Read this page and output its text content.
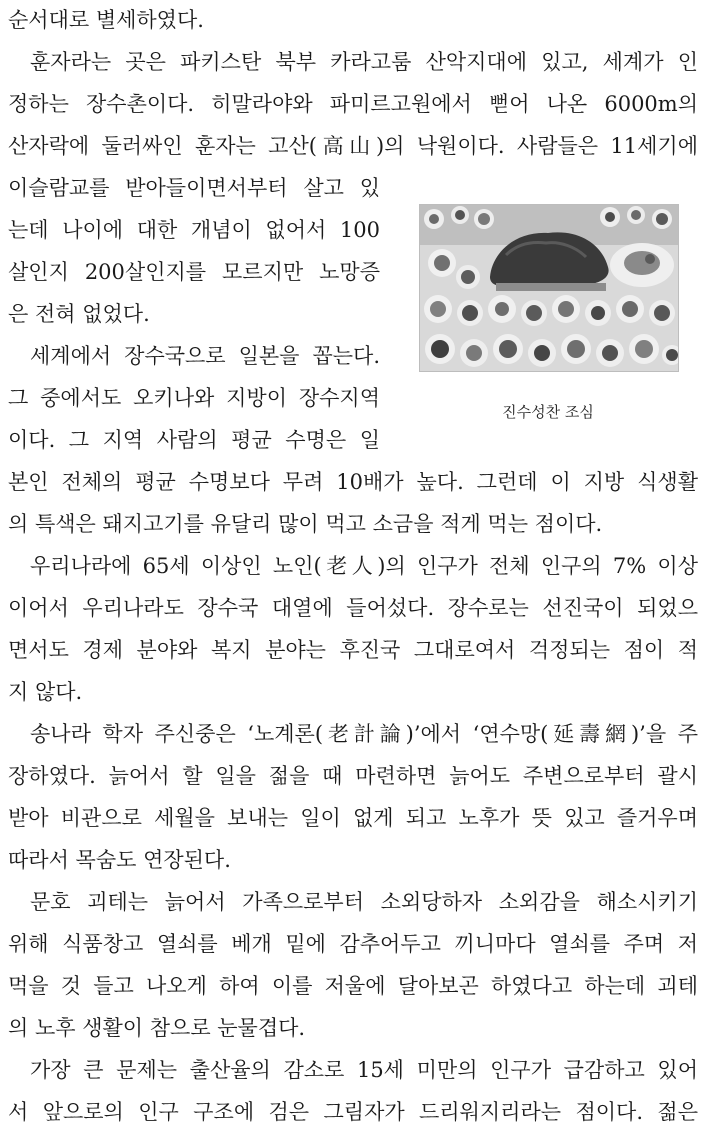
순서대로 별세하였다.
훈자라는 곳은 파키스탄 북부 카라고룸 산악지대에 있고, 세계가 인
정하는 장수촌이다. 히말라야와 파미르고원에서 뻗어 나온 6000m의
산자락에 둘러싸인 훈자는 고산(高山)의 낙원이다. 사람들은 11세기에
이슬람교를 받아들이면서부터 살고 있
는데 나이에 대한 개념이 없어서 100
살인지 200살인지를 모르지만 노망증
은 전혀 없었다.
세계에서 장수국으로 일본을 꼽는다.
그 중에서도 오키나와 지방이 장수지역
이다. 그 지역 사람의 평균 수명은 일
본인 전체의 평균 수명보다 무려 10배가 높다. 그런데 이 지방 식생활
의 특색은 돼지고기를 유달리 많이 먹고 소금을 적게 먹는 점이다.
우리나라에 65세 이상인 노인(老人)의 인구가 전체 인구의 7% 이상
이어서 우리나라도 장수국 대열에 들어섰다. 장수로는 선진국이 되었으
면서도 경제 분야와 복지 분야는 후진국 그대로여서 걱정되는 점이 적
지 않다.
송나라 학자 주신중은 ‘노계론(老計論)’에서 ‘연수망(延壽網)’을 주
장하였다. 늙어서 할 일을 젊을 때 마련하면 늙어도 주변으로부터 괄시
받아 비관으로 세월을 보내는 일이 없게 되고 노후가 뜻 있고 즐거우며
따라서 목숨도 연장된다.
문호 괴테는 늙어서 가족으로부터 소외당하자 소외감을 해소시키기
위해 식품창고 열쇠를 베개 밑에 감추어두고 끼니마다 열쇠를 주며 저
먹을 것 들고 나오게 하여 이를 저울에 달아보곤 하였다고 하는데 괴테
의 노후 생활이 참으로 눈물겹다.
가장 큰 문제는 출산율의 감소로 15세 미만의 인구가 급감하고 있어
서 앞으로의 인구 구조에 검은 그림자가 드리워지리라는 점이다. 젊은
진수성찬 조심
